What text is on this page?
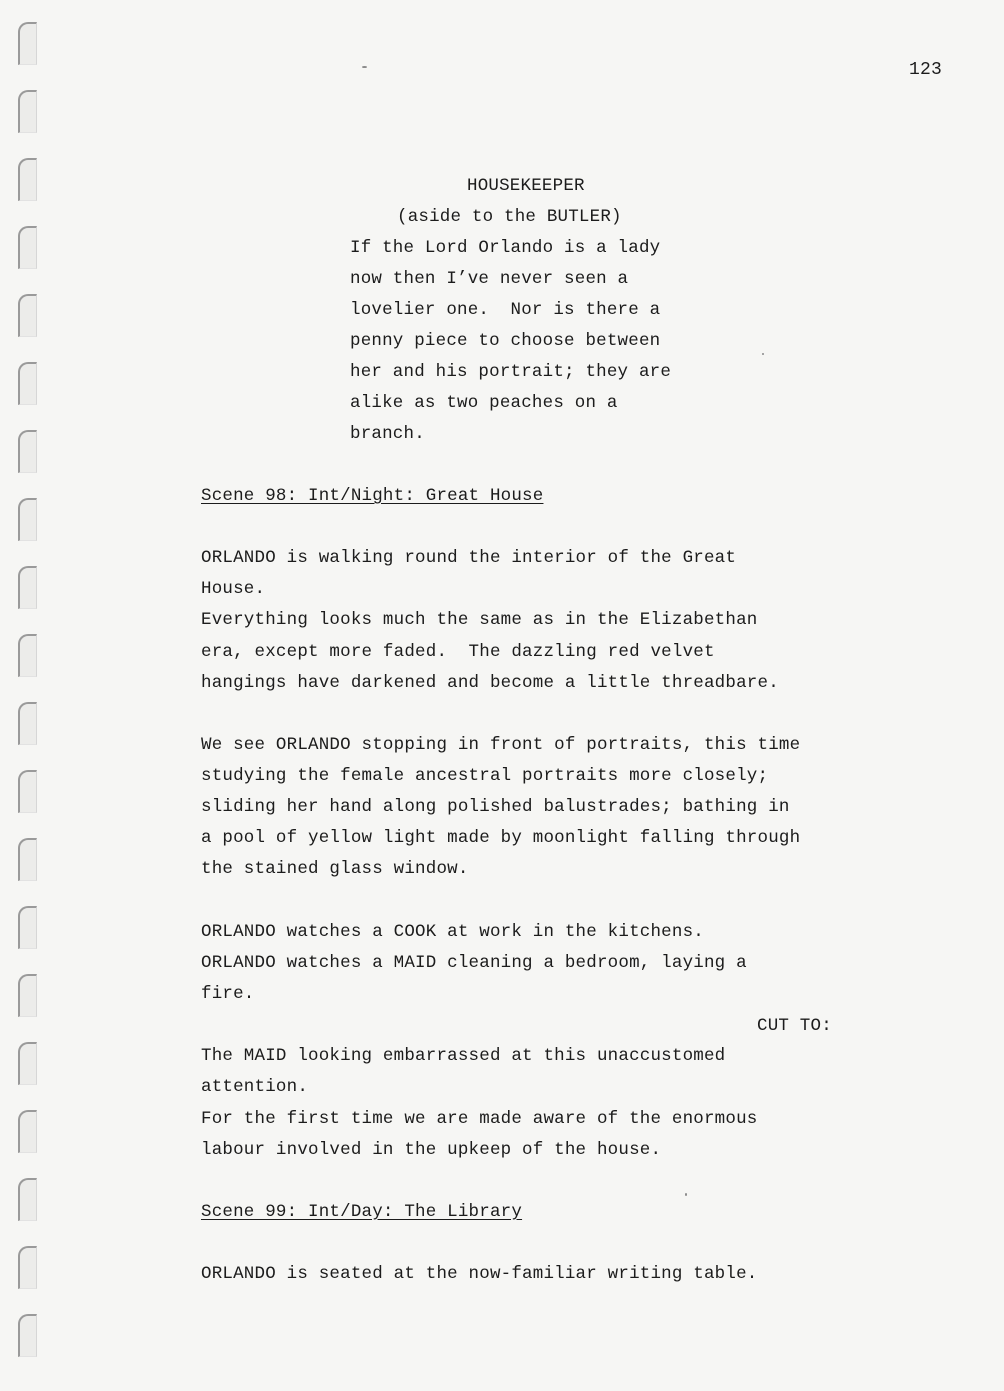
123
HOUSEKEEPER
(aside to the BUTLER)
If the Lord Orlando is a lady
now then I’ve never seen a
lovelier one.  Nor is there a
penny piece to choose between
her and his portrait; they are
alike as two peaches on a
branch.
Scene 98: Int/Night: Great House
ORLANDO is walking round the interior of the Great
House.
Everything looks much the same as in the Elizabethan
era, except more faded.  The dazzling red velvet
hangings have darkened and become a little threadbare.
We see ORLANDO stopping in front of portraits, this time
studying the female ancestral portraits more closely;
sliding her hand along polished balustrades; bathing in
a pool of yellow light made by moonlight falling through
the stained glass window.
ORLANDO watches a COOK at work in the kitchens.
ORLANDO watches a MAID cleaning a bedroom, laying a
fire.
CUT TO:
The MAID looking embarrassed at this unaccustomed
attention.
For the first time we are made aware of the enormous
labour involved in the upkeep of the house.
Scene 99: Int/Day: The Library
ORLANDO is seated at the now-familiar writing table.
